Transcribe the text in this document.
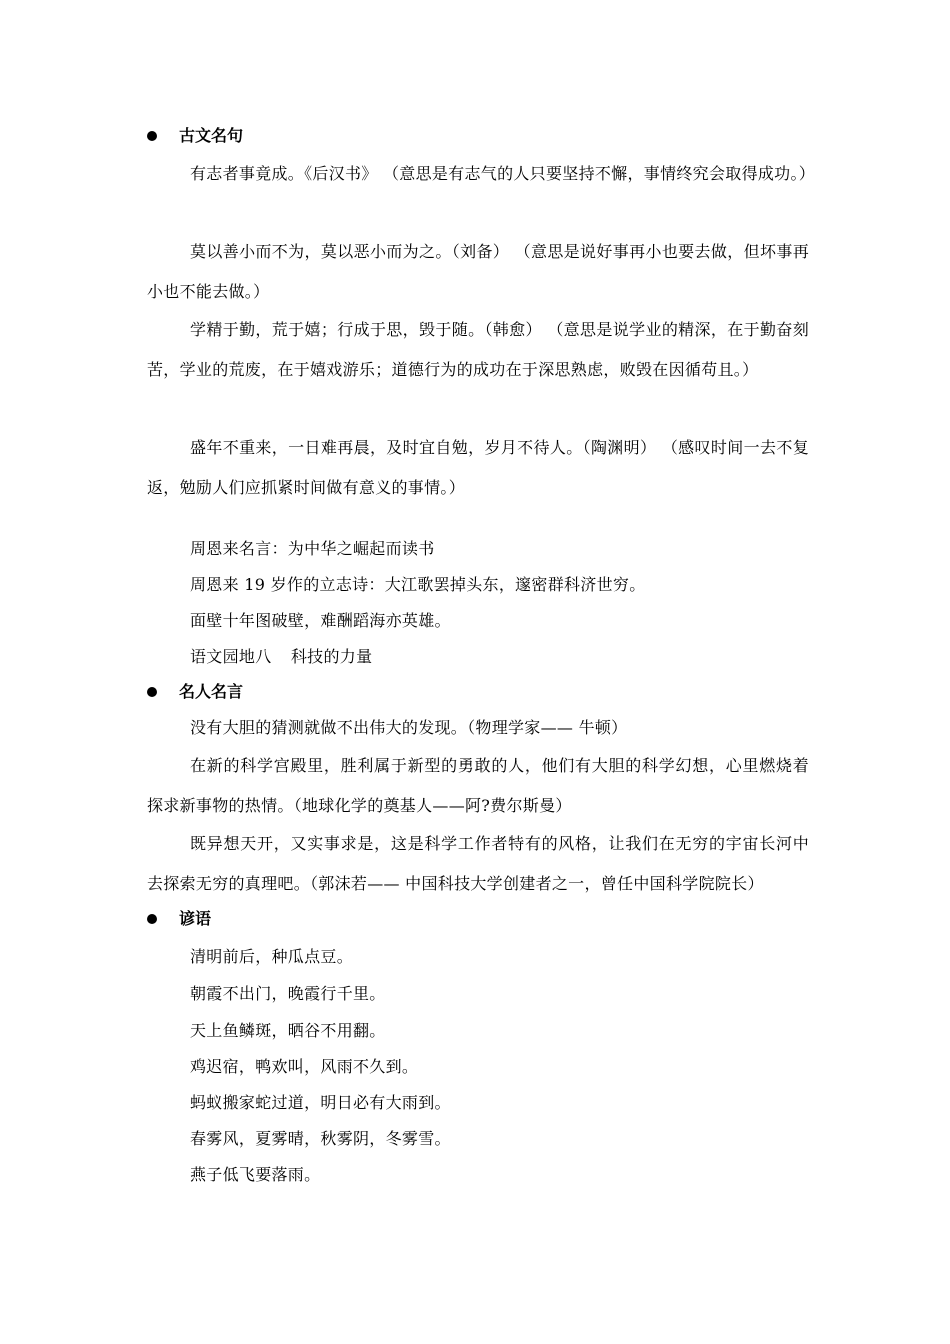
古文名句
有志者事竟成。《后汉书》 （意思是有志气的人只要坚持不懈，事情终究会取得成功。）
莫以善小而不为，莫以恶小而为之。（刘备） （意思是说好事再小也要去做，但坏事再小也不能去做。）
学精于勤，荒于嬉；行成于思，毁于随。（韩愈） （意思是说学业的精深，在于勤奋刻苦，学业的荒废，在于嬉戏游乐；道德行为的成功在于深思熟虑，败毁在因循苟且。）
盛年不重来，一日难再晨，及时宜自勉，岁月不待人。（陶渊明） （感叹时间一去不复返，勉励人们应抓紧时间做有意义的事情。）
周恩来名言：为中华之崛起而读书
周恩来 19 岁作的立志诗：大江歌罢掉头东，邃密群科济世穷。
面壁十年图破壁，难酬蹈海亦英雄。
语文园地八 科技的力量
名人名言
没有大胆的猜测就做不出伟大的发现。（物理学家—— 牛顿）
在新的科学宫殿里，胜利属于新型的勇敢的人，他们有大胆的科学幻想，心里燃烧着探求新事物的热情。（地球化学的奠基人——阿?费尔斯曼）
既异想天开，又实事求是，这是科学工作者特有的风格，让我们在无穷的宇宙长河中去探索无穷的真理吧。（郭沫若—— 中国科技大学创建者之一，曾任中国科学院院长）
谚语
清明前后，种瓜点豆。
朝霞不出门，晚霞行千里。
天上鱼鳞斑，晒谷不用翻。
鸡迟宿，鸭欢叫，风雨不久到。
蚂蚁搬家蛇过道，明日必有大雨到。
春雾风，夏雾晴，秋雾阴，冬雾雪。
燕子低飞要落雨。
